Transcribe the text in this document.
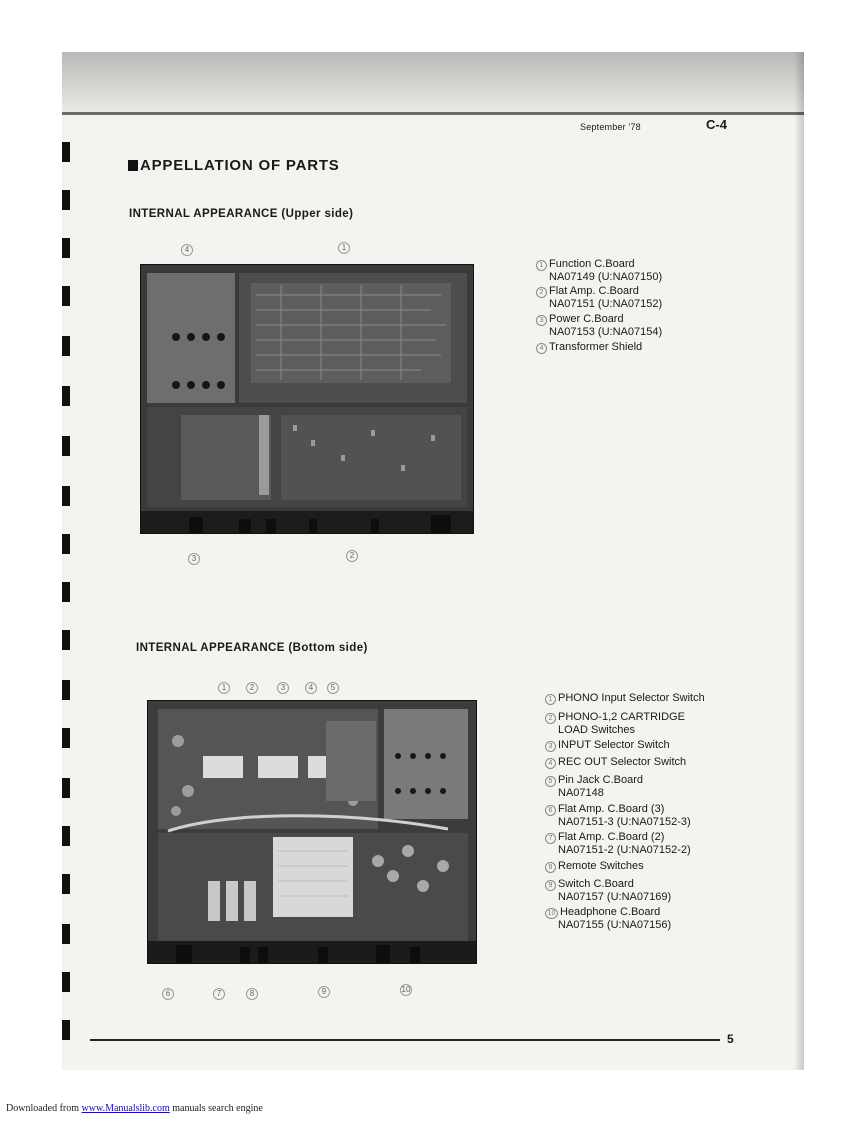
September '78	C-4
APPELLATION OF PARTS
INTERNAL APPEARANCE (Upper side)
4	1
3	2
1 Function C.Board
NA07149 (U:NA07150)
2 Flat Amp. C.Board
NA07151 (U:NA07152)
3 Power C.Board
NA07153 (U:NA07154)
4 Transformer Shield
INTERNAL APPEARANCE (Bottom side)
1	2	3	4	5
6	7	8	9	10
1 PHONO Input Selector Switch
2 PHONO-1,2 CARTRIDGE
LOAD Switches
3 INPUT Selector Switch
4 REC OUT Selector Switch
5 Pin Jack C.Board
NA07148
6 Flat Amp. C.Board (3)
NA07151-3 (U:NA07152-3)
7 Flat Amp. C.Board (2)
NA07151-2 (U:NA07152-2)
8 Remote Switches
9 Switch C.Board
NA07157 (U:NA07169)
10 Headphone C.Board
NA07155 (U:NA07156)
5
Downloaded from www.Manualslib.com manuals search engine
